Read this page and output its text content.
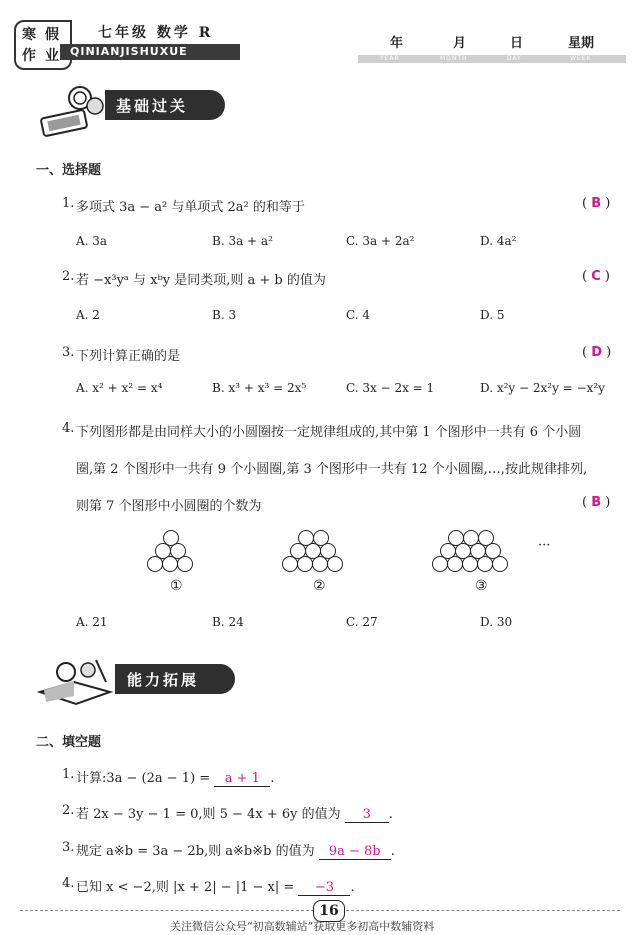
寒 假
作 业
七年级 数学 R
QINIANJISHUXUE
年	月	日	星期
YEAR	MONTH	DAY	WEEK
基础过关
一、选择题
1. 多项式 3a − a² 与单项式 2a² 的和等于	( B )
A. 3a	B. 3a + a²	C. 3a + 2a²	D. 4a²
2. 若 −x³yᵃ 与 xᵇy 是同类项,则 a + b 的值为	( C )
A. 2	B. 3	C. 4	D. 5
3. 下列计算正确的是	( D )
A. x² + x² = x⁴	B. x³ + x³ = 2x⁵	C. 3x − 2x = 1	D. x²y − 2x²y = −x²y
4. 下列图形都是由同样大小的小圆圈按一定规律组成的,其中第 1 个图形中一共有 6 个小圆
圈,第 2 个图形中一共有 9 个小圆圈,第 3 个图形中一共有 12 个小圆圈,…,按此规律排列,
则第 7 个图形中小圆圈的个数为	( B )
···
①	②	③
A. 21	B. 24	C. 27	D. 30
能力拓展
二、填空题
1. 计算:3a − (2a − 1) = a + 1 .
2. 若 2x − 3y − 1 = 0,则 5 − 4x + 6y 的值为 3 .
3. 规定 a※b = 3a − 2b,则 a※b※b 的值为 9a − 8b .
4. 已知 x < −2,则 |x + 2| − |1 − x| = −3 .
16
关注微信公众号“初高数辅站”获取更多初高中数辅资料
